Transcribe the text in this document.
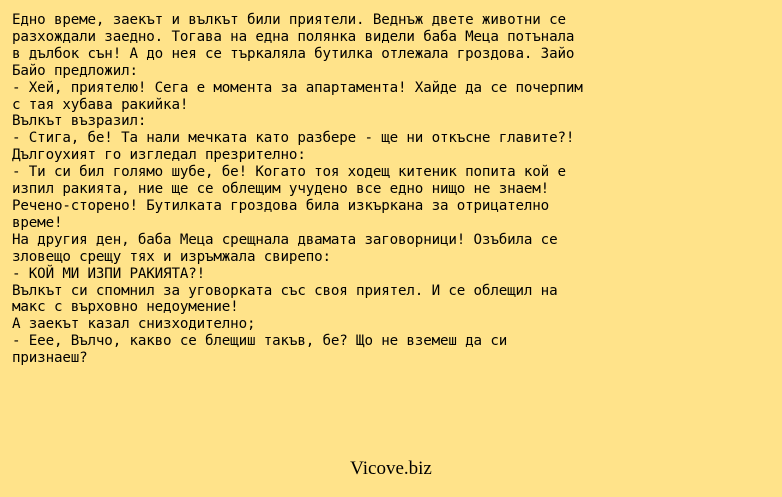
Едно време, заекът и вълкът били приятели. Веднъж двете животни се
разхождали заедно. Тогава на една полянка видели баба Меца потънала
в дълбок сън! А до нея се търкаляла бутилка отлежала гроздова. Зайо
Байо предложил:
- Хей, приятелю! Сега е момента за апартамента! Хайде да се почерпим
с тая хубава ракийка!
Вълкът възразил:
- Стига, бе! Та нали мечката като разбере - ще ни откъсне главите?!
Дългоухият го изгледал презрително:
- Ти си бил голямо шубе, бе! Когато тоя ходещ китеник попита кой е
изпил ракията, ние ще се облещим учудено все едно нищо не знаем!
Речено-сторено! Бутилката гроздова била изкъркана за отрицателно
време!
На другия ден, баба Меца срещнала двамата заговорници! Озъбила се
зловещо срещу тях и изръмжала свирепо:
- КОЙ МИ ИЗПИ РАКИЯТА?!
Вълкът си спомнил за уговорката със своя приятел. И се облещил на
макс с върховно недоумение!
А заекът казал снизходително;
- Еее, Вълчо, какво се блещиш такъв, бе? Що не вземеш да си
признаеш?
Vicove.biz
